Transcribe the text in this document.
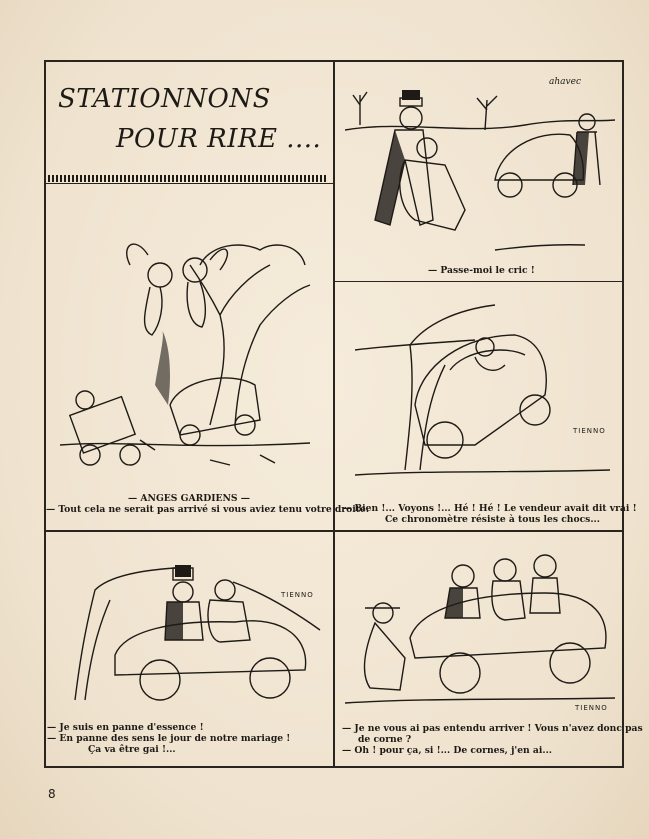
STATIONNONS
POUR RIRE ....
— ANGES GARDIENS —
— Tout cela ne serait pas arrivé si vous aviez tenu votre droite.
ahavec
— Passe-moi le cric !
TIENNO
— Bien !... Voyons !... Hé ! Hé ! Le vendeur avait dit vrai !
Ce chronomètre résiste à tous les chocs...
TIENNO
— Je suis en panne d'essence !
— En panne des sens le jour de notre mariage !
Ça va être gai !...
TIENNO
— Je ne vous ai pas entendu arriver ! Vous n'avez donc pas
de corne ?
— Oh ! pour ça, si !... De cornes, j'en ai...
8
